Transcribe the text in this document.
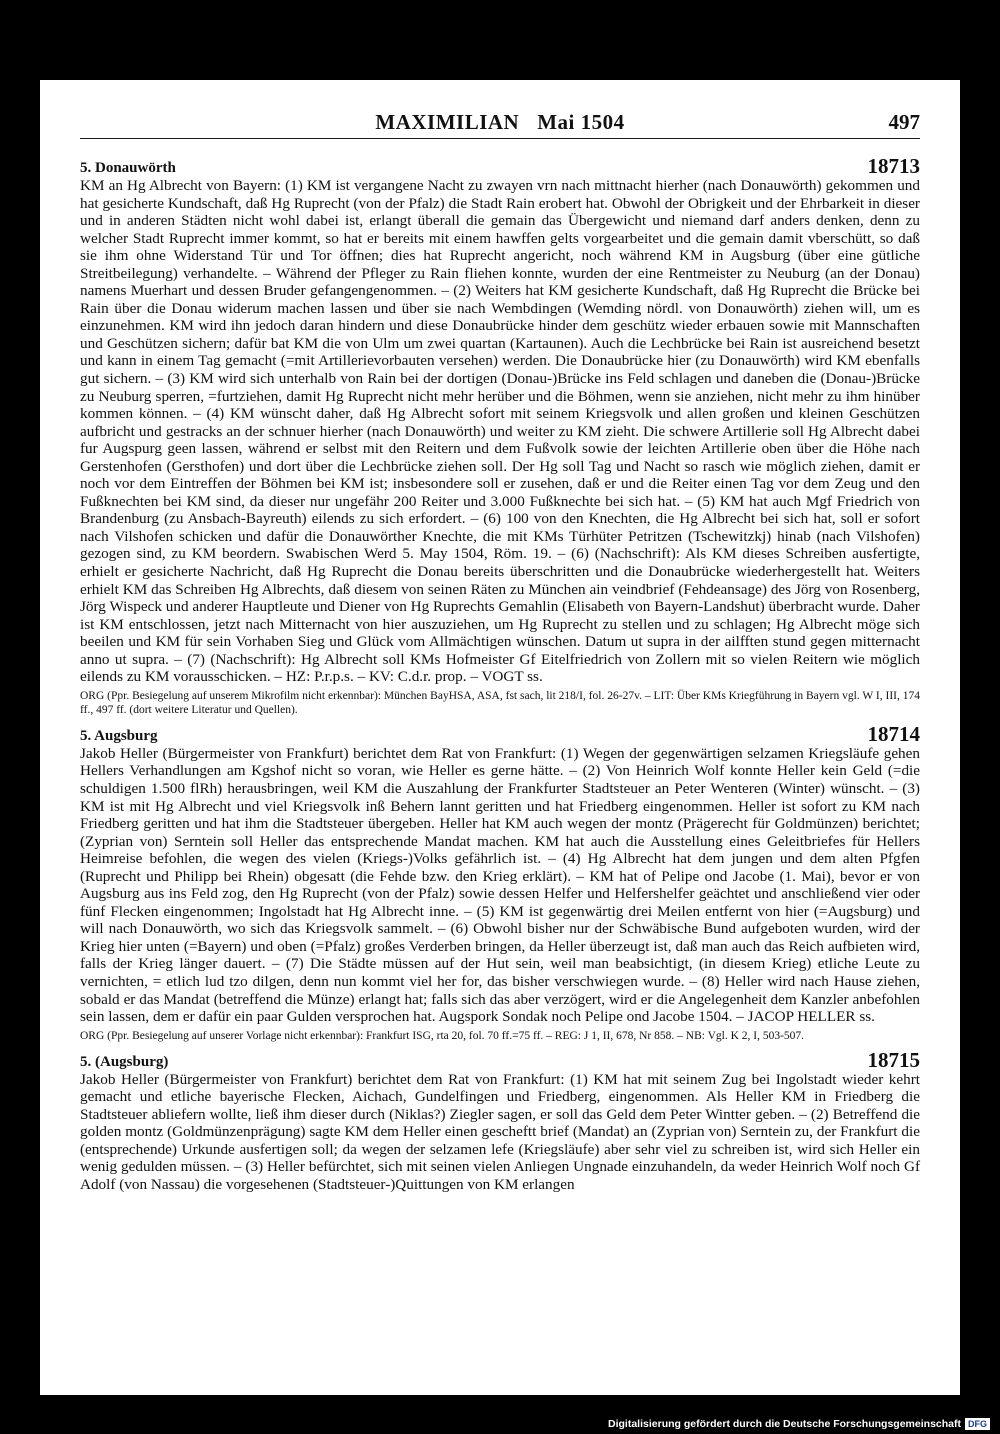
MAXIMILIAN Mai 1504	497
5. Donauwörth	18713

KM an Hg Albrecht von Bayern: (1) KM ist vergangene Nacht zu zwayen vrn nach mittnacht hierher (nach Donauwörth) gekommen und hat gesicherte Kundschaft, daß Hg Ruprecht (von der Pfalz) die Stadt Rain erobert hat. Obwohl der Obrigkeit und der Ehrbarkeit in dieser und in anderen Städten nicht wohl dabei ist, erlangt überall die gemain das Übergewicht und niemand darf anders denken, denn zu welcher Stadt Ruprecht immer kommt, so hat er bereits mit einem hawffen gelts vorgearbeitet und die gemain damit vberschütt, so daß sie ihm ohne Widerstand Tür und Tor öffnen; dies hat Ruprecht angericht, noch während KM in Augsburg (über eine gütliche Streitbeilegung) verhandelte. – Während der Pfleger zu Rain fliehen konnte, wurden der eine Rentmeister zu Neuburg (an der Donau) namens Muerhart und dessen Bruder gefangengenommen. – (2) Weiters hat KM gesicherte Kundschaft, daß Hg Ruprecht die Brücke bei Rain über die Donau widerum machen lassen und über sie nach Wembdingen (Wemding nördl. von Donauwörth) ziehen will, um es einzunehmen. KM wird ihn jedoch daran hindern und diese Donaubrücke hinder dem geschütz wieder erbauen sowie mit Mannschaften und Geschützen sichern; dafür bat KM die von Ulm um zwei quartan (Kartaunen). Auch die Lechbrücke bei Rain ist ausreichend besetzt und kann in einem Tag gemacht (=mit Artillerievorbauten versehen) werden. Die Donaubrücke hier (zu Donauwörth) wird KM ebenfalls gut sichern. – (3) KM wird sich unterhalb von Rain bei der dortigen (Donau-)Brücke ins Feld schlagen und daneben die (Donau-)Brücke zu Neuburg sperren, =furtziehen, damit Hg Ruprecht nicht mehr herüber und die Böhmen, wenn sie anziehen, nicht mehr zu ihm hinüber kommen können. – (4) KM wünscht daher, daß Hg Albrecht sofort mit seinem Kriegsvolk und allen großen und kleinen Geschützen aufbricht und gestracks an der schnuer hierher (nach Donauwörth) und weiter zu KM zieht. Die schwere Artillerie soll Hg Albrecht dabei fur Augspurg geen lassen, während er selbst mit den Reitern und dem Fußvolk sowie der leichten Artillerie oben über die Höhe nach Gerstenhofen (Gersthofen) und dort über die Lechbrücke ziehen soll. Der Hg soll Tag und Nacht so rasch wie möglich ziehen, damit er noch vor dem Eintreffen der Böhmen bei KM ist; insbesondere soll er zusehen, daß er und die Reiter einen Tag vor dem Zeug und den Fußknechten bei KM sind, da dieser nur ungefähr 200 Reiter und 3.000 Fußknechte bei sich hat. – (5) KM hat auch Mgf Friedrich von Brandenburg (zu Ansbach-Bayreuth) eilends zu sich erfordert. – (6) 100 von den Knechten, die Hg Albrecht bei sich hat, soll er sofort nach Vilshofen schicken und dafür die Donauwörther Knechte, die mit KMs Türhüter Petritzen (Tschewitzkj) hinab (nach Vilshofen) gezogen sind, zu KM beordern. Swabischen Werd 5. May 1504, Röm. 19. – (6) (Nachschrift): Als KM dieses Schreiben ausfertigte, erhielt er gesicherte Nachricht, daß Hg Ruprecht die Donau bereits überschritten und die Donaubrücke wiederhergestellt hat. Weiters erhielt KM das Schreiben Hg Albrechts, daß diesem von seinen Räten zu München ain veindbrief (Fehdeansage) des Jörg von Rosenberg, Jörg Wispeck und anderer Hauptleute und Diener von Hg Ruprechts Gemahlin (Elisabeth von Bayern-Landshut) überbracht wurde. Daher ist KM entschlossen, jetzt nach Mitternacht von hier auszuziehen, um Hg Ruprecht zu stellen und zu schlagen; Hg Albrecht möge sich beeilen und KM für sein Vorhaben Sieg und Glück vom Allmächtigen wünschen. Datum ut supra in der ailfften stund gegen mitternacht anno ut supra. – (7) (Nachschrift): Hg Albrecht soll KMs Hofmeister Gf Eitelfriedrich von Zollern mit so vielen Reitern wie möglich eilends zu KM vorausschicken. – HZ: P.r.p.s. – KV: C.d.r. prop. – VOGT ss.

ORG (Ppr. Besiegelung auf unserem Mikrofilm nicht erkennbar): München BayHSA, ASA, fst sach, lit 218/I, fol. 26-27v. – LIT: Über KMs Kriegführung in Bayern vgl. W I, III, 174 ff., 497 ff. (dort weitere Literatur und Quellen).

5. Augsburg	18714

Jakob Heller (Bürgermeister von Frankfurt) berichtet dem Rat von Frankfurt: (1) Wegen der gegenwärtigen selzamen Kriegsläufe gehen Hellers Verhandlungen am Kgshof nicht so voran, wie Heller es gerne hätte. – (2) Von Heinrich Wolf konnte Heller kein Geld (=die schuldigen 1.500 flRh) herausbringen, weil KM die Auszahlung der Frankfurter Stadtsteuer an Peter Wenteren (Winter) wünscht. – (3) KM ist mit Hg Albrecht und viel Kriegsvolk inß Behern lannt geritten und hat Friedberg eingenommen. Heller ist sofort zu KM nach Friedberg geritten und hat ihm die Stadtsteuer übergeben. Heller hat KM auch wegen der montz (Prägerecht für Goldmünzen) berichtet; (Zyprian von) Serntein soll Heller das entsprechende Mandat machen. KM hat auch die Ausstellung eines Geleitbriefes für Hellers Heimreise befohlen, die wegen des vielen (Kriegs-)Volks gefährlich ist. – (4) Hg Albrecht hat dem jungen und dem alten Pfgfen (Ruprecht und Philipp bei Rhein) obgesatt (die Fehde bzw. den Krieg erklärt). – KM hat of Pelipe ond Jacobe (1. Mai), bevor er von Augsburg aus ins Feld zog, den Hg Ruprecht (von der Pfalz) sowie dessen Helfer und Helfershelfer geächtet und anschließend vier oder fünf Flecken eingenommen; Ingolstadt hat Hg Albrecht inne. – (5) KM ist gegenwärtig drei Meilen entfernt von hier (=Augsburg) und will nach Donauwörth, wo sich das Kriegsvolk sammelt. – (6) Obwohl bisher nur der Schwäbische Bund aufgeboten wurden, wird der Krieg hier unten (=Bayern) und oben (=Pfalz) großes Verderben bringen, da Heller überzeugt ist, daß man auch das Reich aufbieten wird, falls der Krieg länger dauert. – (7) Die Städte müssen auf der Hut sein, weil man beabsichtigt, (in diesem Krieg) etliche Leute zu vernichten, = etlich lud tzo dilgen, denn nun kommt viel her for, das bisher verschwiegen wurde. – (8) Heller wird nach Hause ziehen, sobald er das Mandat (betreffend die Münze) erlangt hat; falls sich das aber verzögert, wird er die Angelegenheit dem Kanzler anbefohlen sein lassen, dem er dafür ein paar Gulden versprochen hat. Augspork Sondak noch Pelipe ond Jacobe 1504. – JACOP HELLER ss.

ORG (Ppr. Besiegelung auf unserer Vorlage nicht erkennbar): Frankfurt ISG, rta 20, fol. 70 ff.=75 ff. – REG: J 1, II, 678, Nr 858. – NB: Vgl. K 2, I, 503-507.

5. (Augsburg)	18715

Jakob Heller (Bürgermeister von Frankfurt) berichtet dem Rat von Frankfurt: (1) KM hat mit seinem Zug bei Ingolstadt wieder kehrt gemacht und etliche bayerische Flecken, Aichach, Gundelfingen und Friedberg, eingenommen. Als Heller KM in Friedberg die Stadtsteuer abliefern wollte, ließ ihm dieser durch (Niklas?) Ziegler sagen, er soll das Geld dem Peter Wintter geben. – (2) Betreffend die golden montz (Goldmünzenprägung) sagte KM dem Heller einen gescheftt brief (Mandat) an (Zyprian von) Serntein zu, der Frankfurt die (entsprechende) Urkunde ausfertigen soll; da wegen der selzamen lefe (Kriegsläufe) aber sehr viel zu schreiben ist, wird sich Heller ein wenig gedulden müssen. – (3) Heller befürchtet, sich mit seinen vielen Anliegen Ungnade einzuhandeln, da weder Heinrich Wolf noch Gf Adolf (von Nassau) die vorgesehenen (Stadtsteuer-)Quittungen von KM erlangen

Digitalisierung gefördert durch die Deutsche Forschungsgemeinschaft DFG
